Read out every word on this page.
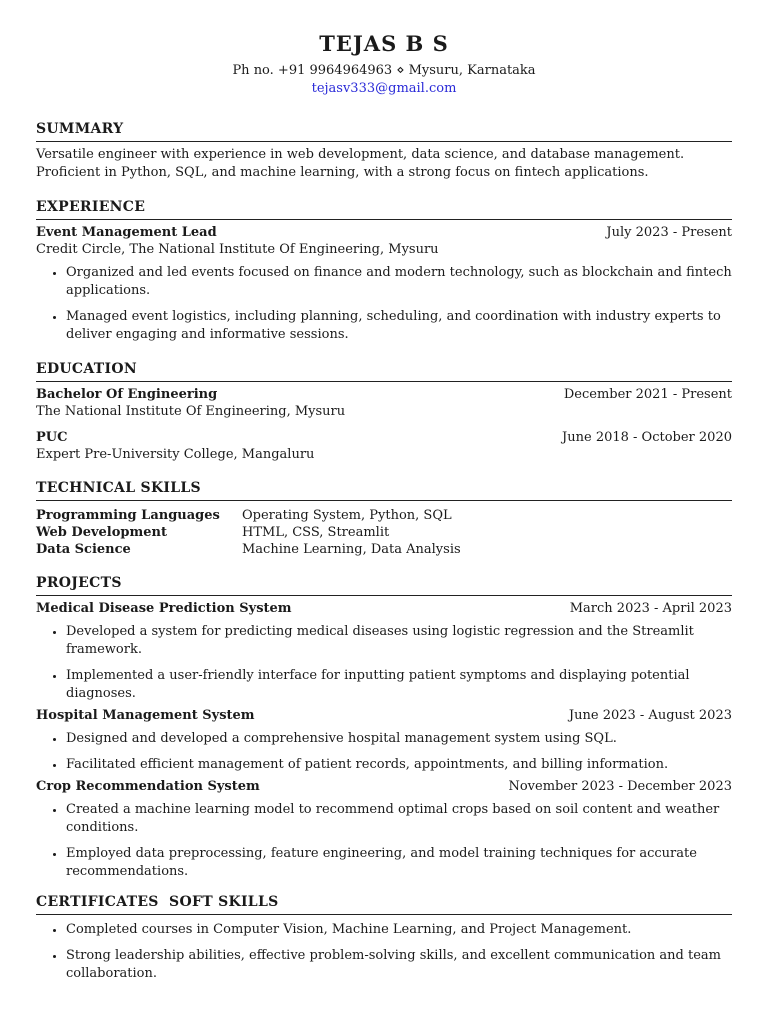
TEJAS B S
Ph no. +91 9964964963 ⋄ Mysuru, Karnataka
tejasv333@gmail.com
SUMMARY
Versatile engineer with experience in web development, data science, and database management. Proficient in Python, SQL, and machine learning, with a strong focus on fintech applications.
EXPERIENCE
Event Management Lead	July 2023 - Present
Credit Circle, The National Institute Of Engineering, Mysuru
• Organized and led events focused on finance and modern technology, such as blockchain and fintech applications.
• Managed event logistics, including planning, scheduling, and coordination with industry experts to deliver engaging and informative sessions.
EDUCATION
Bachelor Of Engineering	December 2021 - Present
The National Institute Of Engineering, Mysuru
PUC	June 2018 - October 2020
Expert Pre-University College, Mangaluru
TECHNICAL SKILLS
Programming Languages	Operating System, Python, SQL
Web Development	HTML, CSS, Streamlit
Data Science	Machine Learning, Data Analysis
PROJECTS
Medical Disease Prediction System	March 2023 - April 2023
• Developed a system for predicting medical diseases using logistic regression and the Streamlit framework.
• Implemented a user-friendly interface for inputting patient symptoms and displaying potential diagnoses.
Hospital Management System	June 2023 - August 2023
• Designed and developed a comprehensive hospital management system using SQL.
• Facilitated efficient management of patient records, appointments, and billing information.
Crop Recommendation System	November 2023 - December 2023
• Created a machine learning model to recommend optimal crops based on soil content and weather conditions.
• Employed data preprocessing, feature engineering, and model training techniques for accurate recommendations.
CERTIFICATES  SOFT SKILLS
• Completed courses in Computer Vision, Machine Learning, and Project Management.
• Strong leadership abilities, effective problem-solving skills, and excellent communication and team collaboration.
